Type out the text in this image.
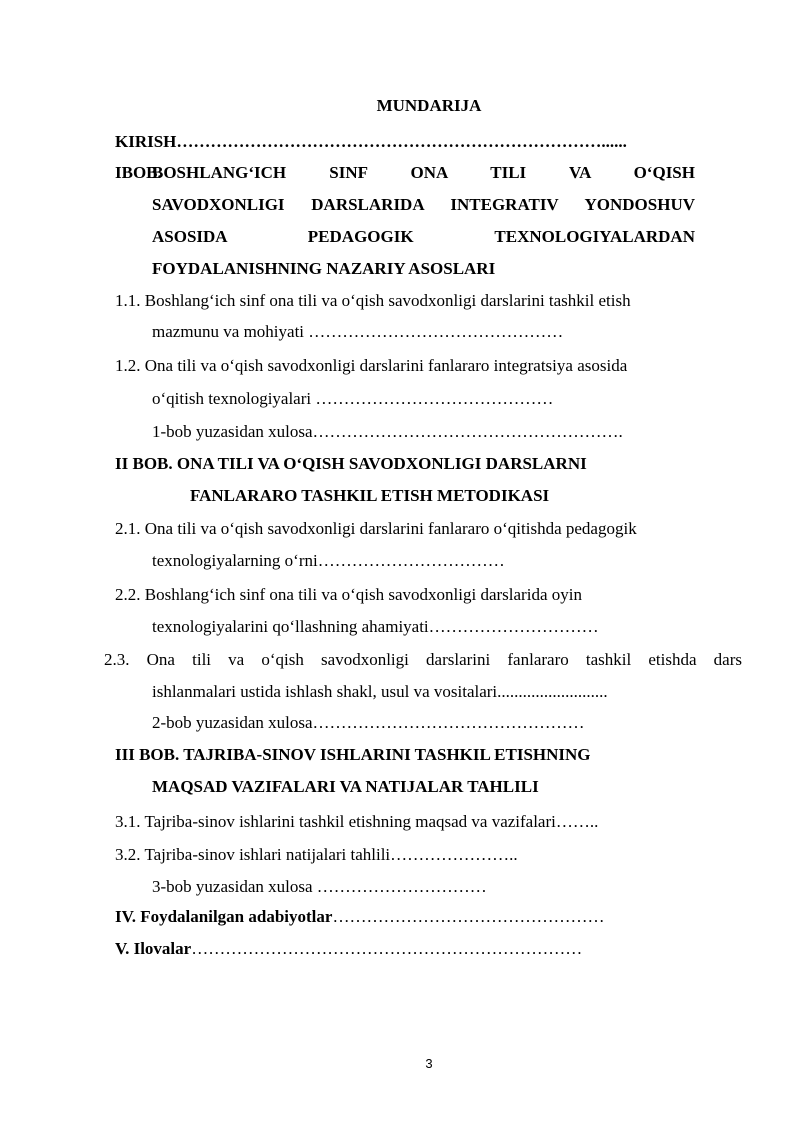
MUNDARIJA
KIRISH…………………………………………………………………......
IBOB.
BOSHLANG‘ICH SINF ONA TILI VA O‘QISH
SAVODXONLIGI DARSLARIDA INTEGRATIV YONDOSHUV
ASOSIDA PEDAGOGIK TEXNOLOGIYALARDAN
FOYDALANISHNING NAZARIY ASOSLARI
1.1. Boshlang‘ich sinf ona tili va o‘qish savodxonligi darslarini tashkil etish
mazmunu va mohiyati ………………………………………
1.2. Ona tili va o‘qish savodxonligi darslarini fanlararo integratsiya asosida
o‘qitish texnologiyalari ……………………………………
1-bob yuzasidan xulosa……………………………………………….
II BOB. ONA TILI VA O‘QISH SAVODXONLIGI DARSLARNI
FANLARARO TASHKIL ETISH METODIKASI
2.1. Ona tili va o‘qish savodxonligi darslarini fanlararo o‘qitishda pedagogik
texnologiyalarning o‘rni……………………………
2.2. Boshlang‘ich sinf ona tili va o‘qish savodxonligi darslarida oyin
texnologiyalarini qo‘llashning ahamiyati…………………………
2.3. Ona tili va o‘qish savodxonligi darslarini fanlararo tashkil etishda dars
ishlanmalari ustida ishlash shakl, usul va vositalari..........................
2-bob yuzasidan xulosa…………………………………………
III BOB. TAJRIBA-SINOV ISHLARINI TASHKIL ETISHNING
MAQSAD VAZIFALARI VA NATIJALAR TAHLILI
3.1. Tajriba-sinov ishlarini tashkil etishning maqsad va vazifalari……..
3.2. Tajriba-sinov ishlari natijalari tahlili…………………..
3-bob yuzasidan xulosa …………………………
IV. Foydalanilgan adabiyotlar…………………………………………
V. Ilovalar……………………………………………………………
3
